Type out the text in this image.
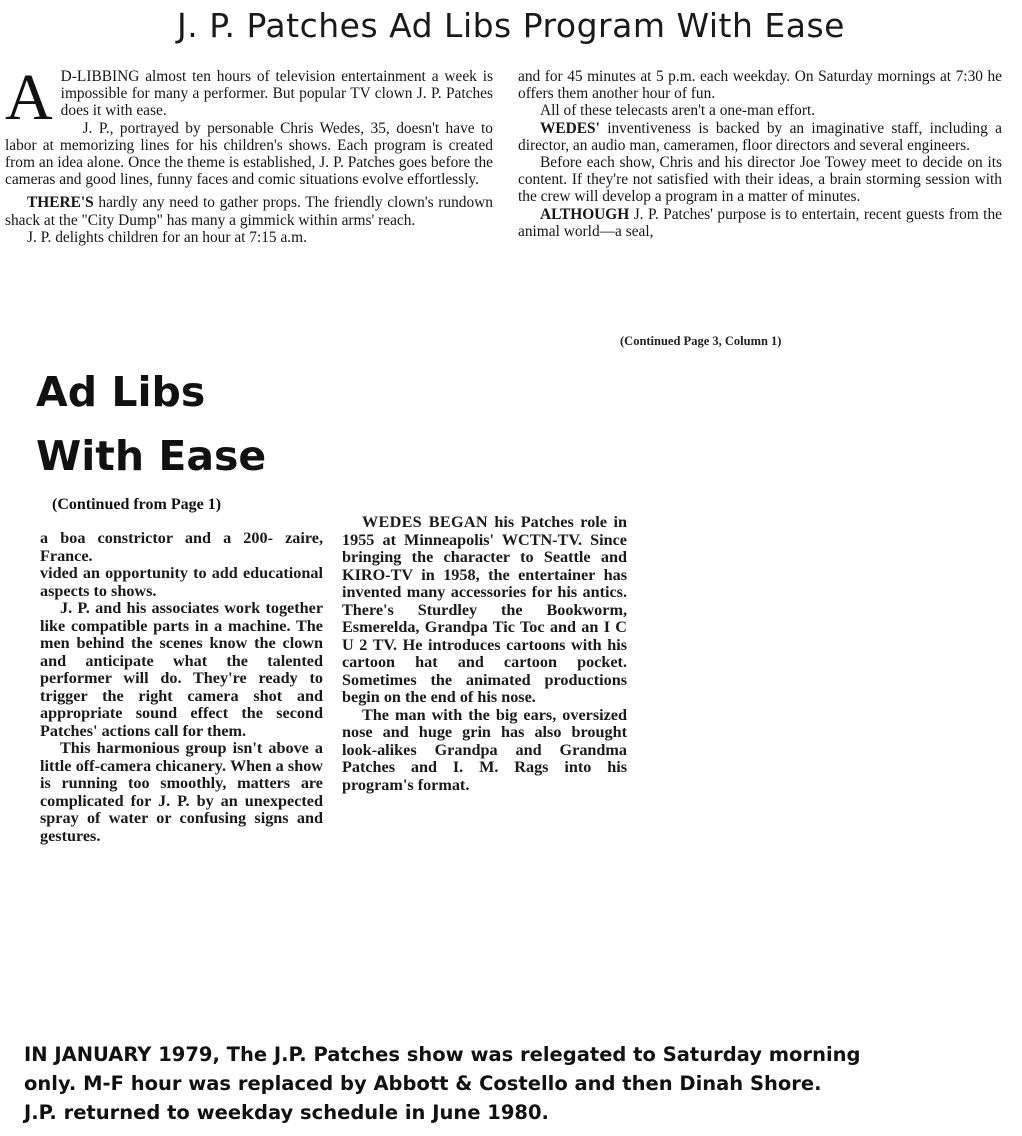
J. P. Patches Ad Libs Program With Ease
A D-LIBBING almost ten hours of television entertainment a week is impossible for many a performer. But popular TV clown J. P. Patches does it with ease.

J. P., portrayed by personable Chris Wedes, 35, doesn't have to labor at memorizing lines for his children's shows. Each program is created from an idea alone. Once the theme is established, J. P. Patches goes before the cameras and good lines, funny faces and comic situations evolve effortlessly.

THERE'S hardly any need to gather props. The friendly clown's rundown shack at the "City Dump" has many a gimmick within arms' reach.

J. P. delights children for an hour at 7:15 a.m.

and for 45 minutes at 5 p.m. each weekday. On Saturday mornings at 7:30 he offers them another hour of fun.

All of these telecasts aren't a one-man effort.

WEDES' inventiveness is backed by an imaginative staff, including a director, an audio man, cameramen, floor directors and several engineers.

Before each show, Chris and his director Joe Towey meet to decide on its content. If they're not satisfied with their ideas, a brain storming session with the crew will develop a program in a matter of minutes.

ALTHOUGH J. P. Patches' purpose is to entertain, recent guests from the animal world—a seal,

(Continued Page 3, Column 1)
Ad Libs
With Ease
(Continued from Page 1)

a boa constrictor and a 200- zaire, France.

vided an opportunity to add educational aspects to shows.

J. P. and his associates work together like compatible parts in a machine. The men behind the scenes know the clown and anticipate what the talented performer will do. They're ready to trigger the right camera shot and appropriate sound effect the second Patches' actions call for them.

This harmonious group isn't above a little off-camera chicanery. When a show is running too smoothly, matters are complicated for J. P. by an unexpected spray of water or confusing signs and gestures.

WEDES BEGAN his Patches role in 1955 at Minneapolis' WCTN-TV. Since bringing the character to Seattle and KIRO-TV in 1958, the entertainer has invented many accessories for his antics. There's Sturdley the Bookworm, Esmerelda, Grandpa Tic Toc and an I C U 2 TV. He introduces cartoons with his cartoon hat and cartoon pocket. Sometimes the animated productions begin on the end of his nose.

The man with the big ears, oversized nose and huge grin has also brought look-alikes Grandpa and Grandma Patches and I. M. Rags into his program's format.

IN JANUARY 1979, The J.P. Patches show was relegated to Saturday morning
only. M-F hour was replaced by Abbott & Costello and then Dinah Shore.
J.P. returned to weekday schedule in June 1980.
